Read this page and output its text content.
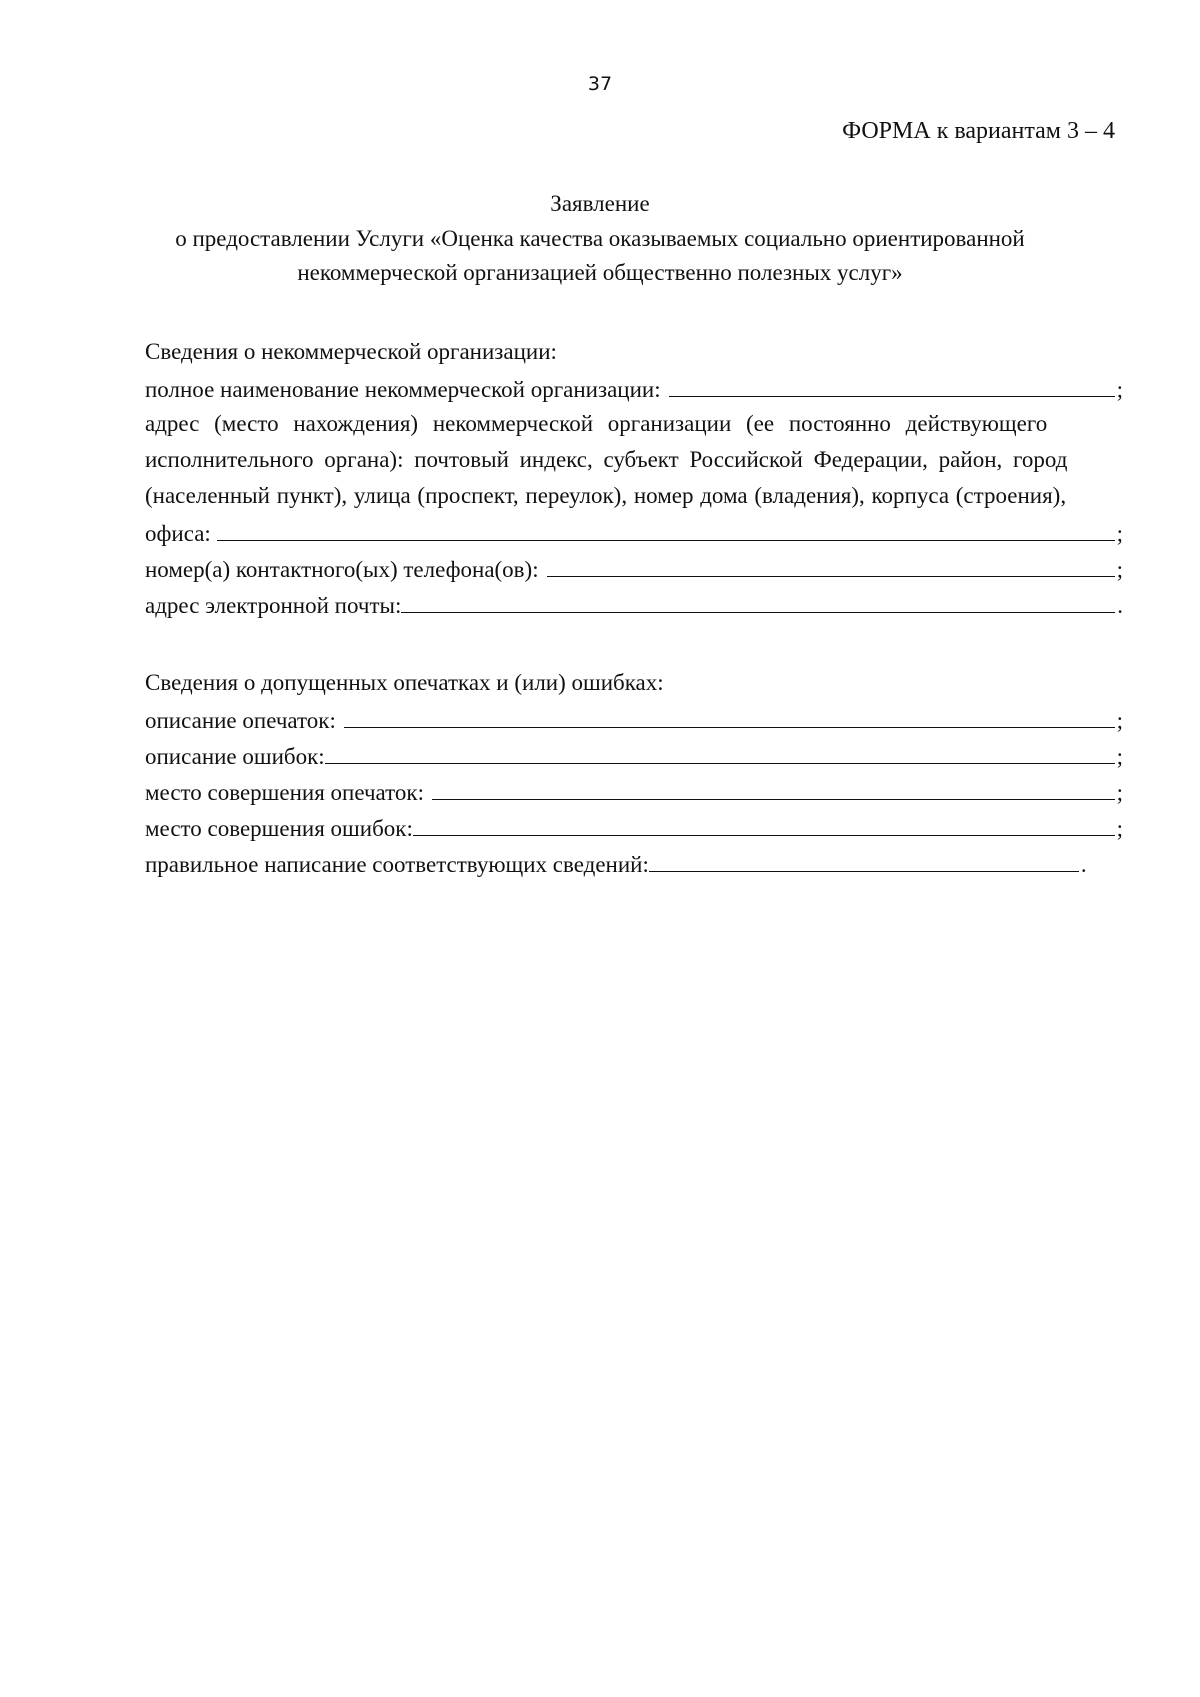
37
ФОРМА к вариантам 3 – 4
Заявление
о предоставлении Услуги «Оценка качества оказываемых социально ориентированной
некоммерческой организацией общественно полезных услуг»
Сведения о некоммерческой организации:
полное наименование некоммерческой организации:	;
адрес (место нахождения) некоммерческой организации (ее постоянно действующего
исполнительного органа): почтовый индекс, субъект Российской Федерации, район, город
(населенный пункт), улица (проспект, переулок), номер дома (владения), корпуса (строения),
офиса:	;
номер(а) контактного(ых) телефона(ов):	;
адрес электронной почты:	.
Сведения о допущенных опечатках и (или) ошибках:
описание опечаток:	;
описание ошибок:	;
место совершения опечаток:	;
место совершения ошибок:	;
правильное написание соответствующих сведений:	.
